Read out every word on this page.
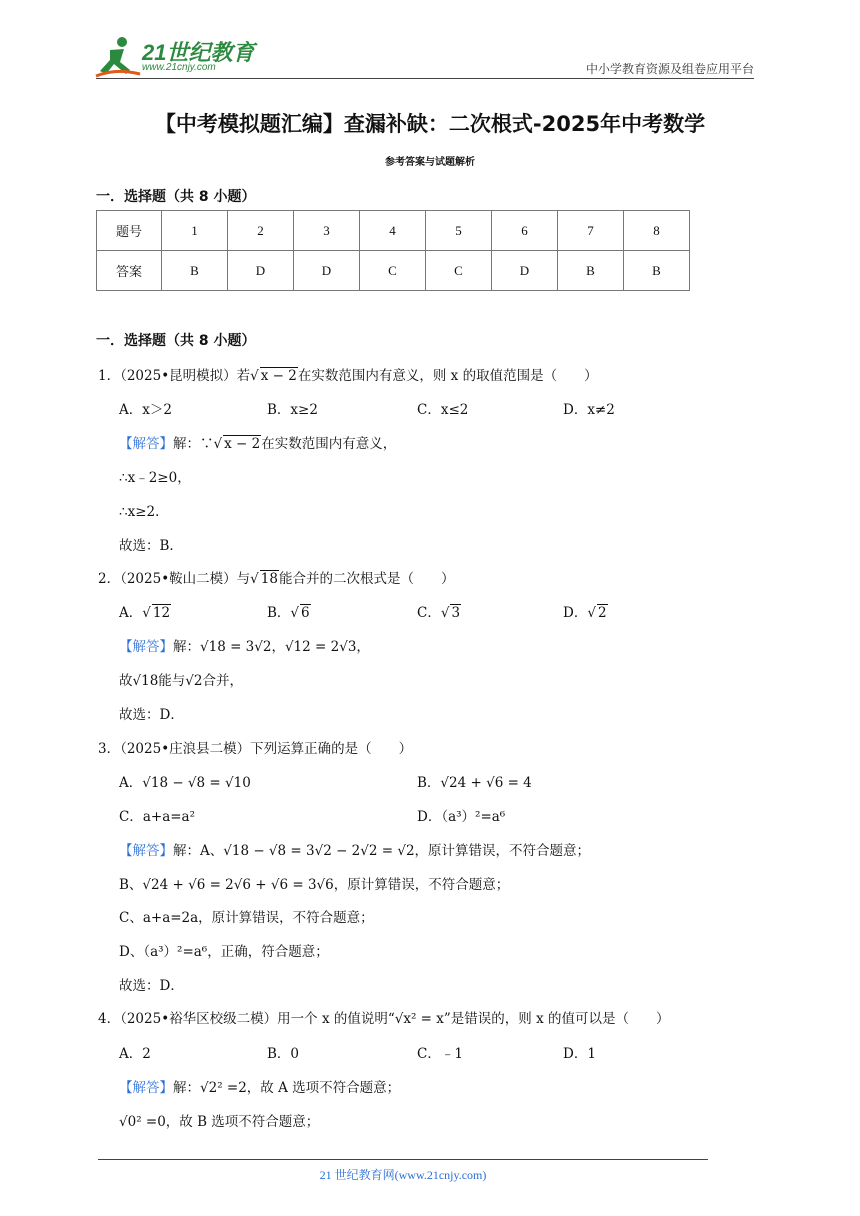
21世纪教育
www.21cnjy.com	中小学教育资源及组卷应用平台
【中考模拟题汇编】查漏补缺：二次根式-2025年中考数学
参考答案与试题解析
一．选择题（共 8 小题）
题号	1	2	3	4	5	6	7	8
答案	B	D	D	C	C	D	B	B
一．选择题（共 8 小题）
1．（2025•昆明模拟）若√ x − 2在实数范围内有意义，则 x 的取值范围是（　　）
A．x＞2	B．x≥2	C．x≤2	D．x≠2
【解答】解：∵√ x − 2在实数范围内有意义，
∴x﹣2≥0，
∴x≥2．
故选：B．
2．（2025•鞍山二模）与√ 18能合并的二次根式是（　　）
A．√ 12	B．√ 6	C．√ 3	D．√ 2
【解答】解：√18 = 3√2，√12 = 2√3，
故√18能与√2合并，
故选：D．
3．（2025•庄浪县二模）下列运算正确的是（　　）
A．√18 − √8 = √10	B．√24 + √6 = 4
C．a+a=a²	D．（a³）²=a⁶
【解答】解：A、√18 − √8 = 3√2 − 2√2 = √2，原计算错误，不符合题意；
B、√24 + √6 = 2√6 + √6 = 3√6，原计算错误，不符合题意；
C、a+a=2a，原计算错误，不符合题意；
D、（a³）²=a⁶，正确，符合题意；
故选：D．
4．（2025•裕华区校级二模）用一个 x 的值说明“√x² = x”是错误的，则 x 的值可以是（　　）
A．2	B．0	C．﹣1	D．1
【解答】解：√2² =2，故 A 选项不符合题意；
√0² =0，故 B 选项不符合题意；
21 世纪教育网(www.21cnjy.com)
